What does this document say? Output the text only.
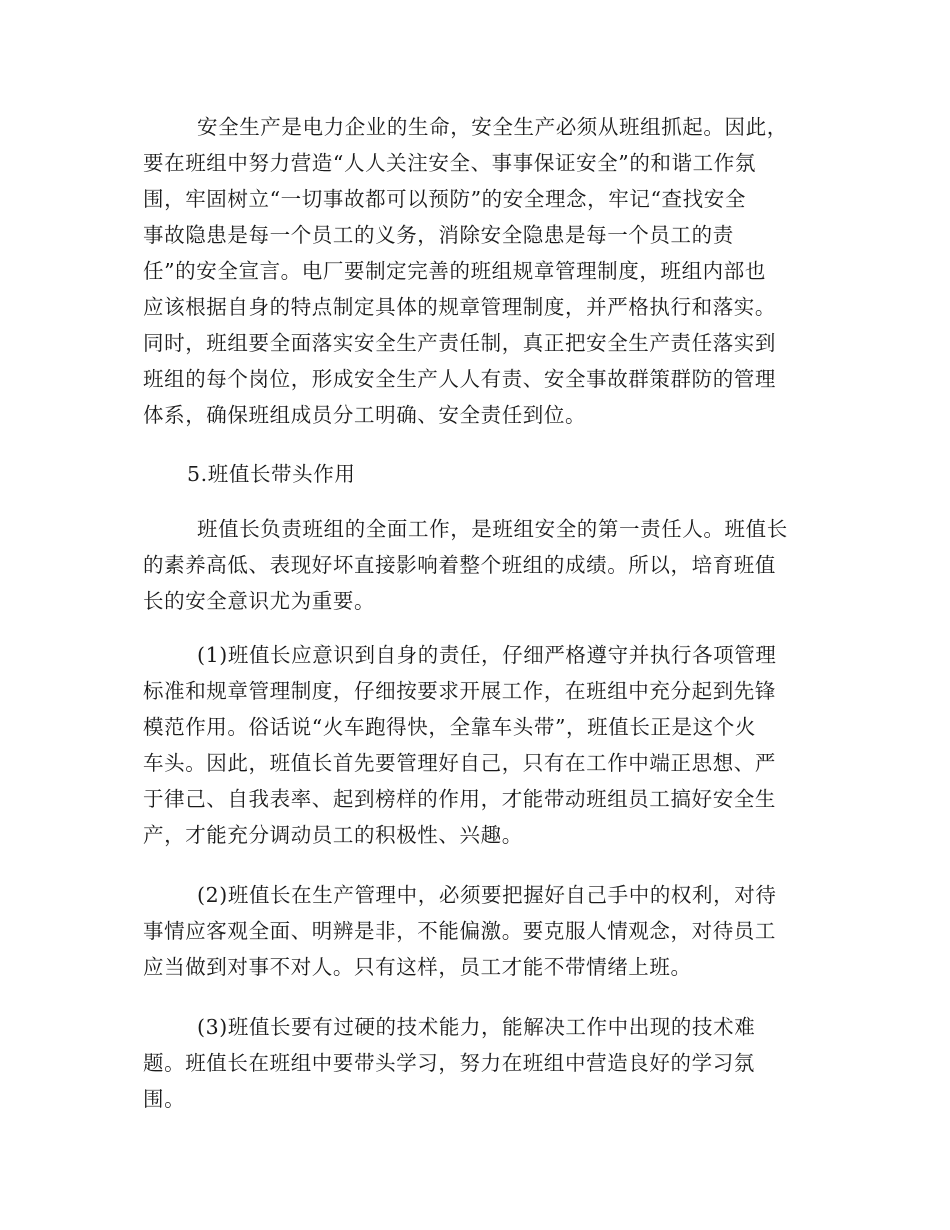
安全生产是电力企业的生命，安全生产必须从班组抓起。因此，
要在班组中努力营造“人人关注安全、事事保证安全”的和谐工作氛
围，牢固树立“一切事故都可以预防”的安全理念，牢记“查找安全
事故隐患是每一个员工的义务，消除安全隐患是每一个员工的责
任”的安全宣言。电厂要制定完善的班组规章管理制度，班组内部也
应该根据自身的特点制定具体的规章管理制度，并严格执行和落实。
同时，班组要全面落实安全生产责任制，真正把安全生产责任落实到
班组的每个岗位，形成安全生产人人有责、安全事故群策群防的管理
体系，确保班组成员分工明确、安全责任到位。
5.班值长带头作用
班值长负责班组的全面工作，是班组安全的第一责任人。班值长
的素养高低、表现好坏直接影响着整个班组的成绩。所以，培育班值
长的安全意识尤为重要。
(1)班值长应意识到自身的责任，仔细严格遵守并执行各项管理
标准和规章管理制度，仔细按要求开展工作，在班组中充分起到先锋
模范作用。俗话说“火车跑得快，全靠车头带”，班值长正是这个火
车头。因此，班值长首先要管理好自己，只有在工作中端正思想、严
于律己、自我表率、起到榜样的作用，才能带动班组员工搞好安全生
产，才能充分调动员工的积极性、兴趣。
(2)班值长在生产管理中，必须要把握好自己手中的权利，对待
事情应客观全面、明辨是非，不能偏激。要克服人情观念，对待员工
应当做到对事不对人。只有这样，员工才能不带情绪上班。
(3)班值长要有过硬的技术能力，能解决工作中出现的技术难
题。班值长在班组中要带头学习，努力在班组中营造良好的学习氛
围。
